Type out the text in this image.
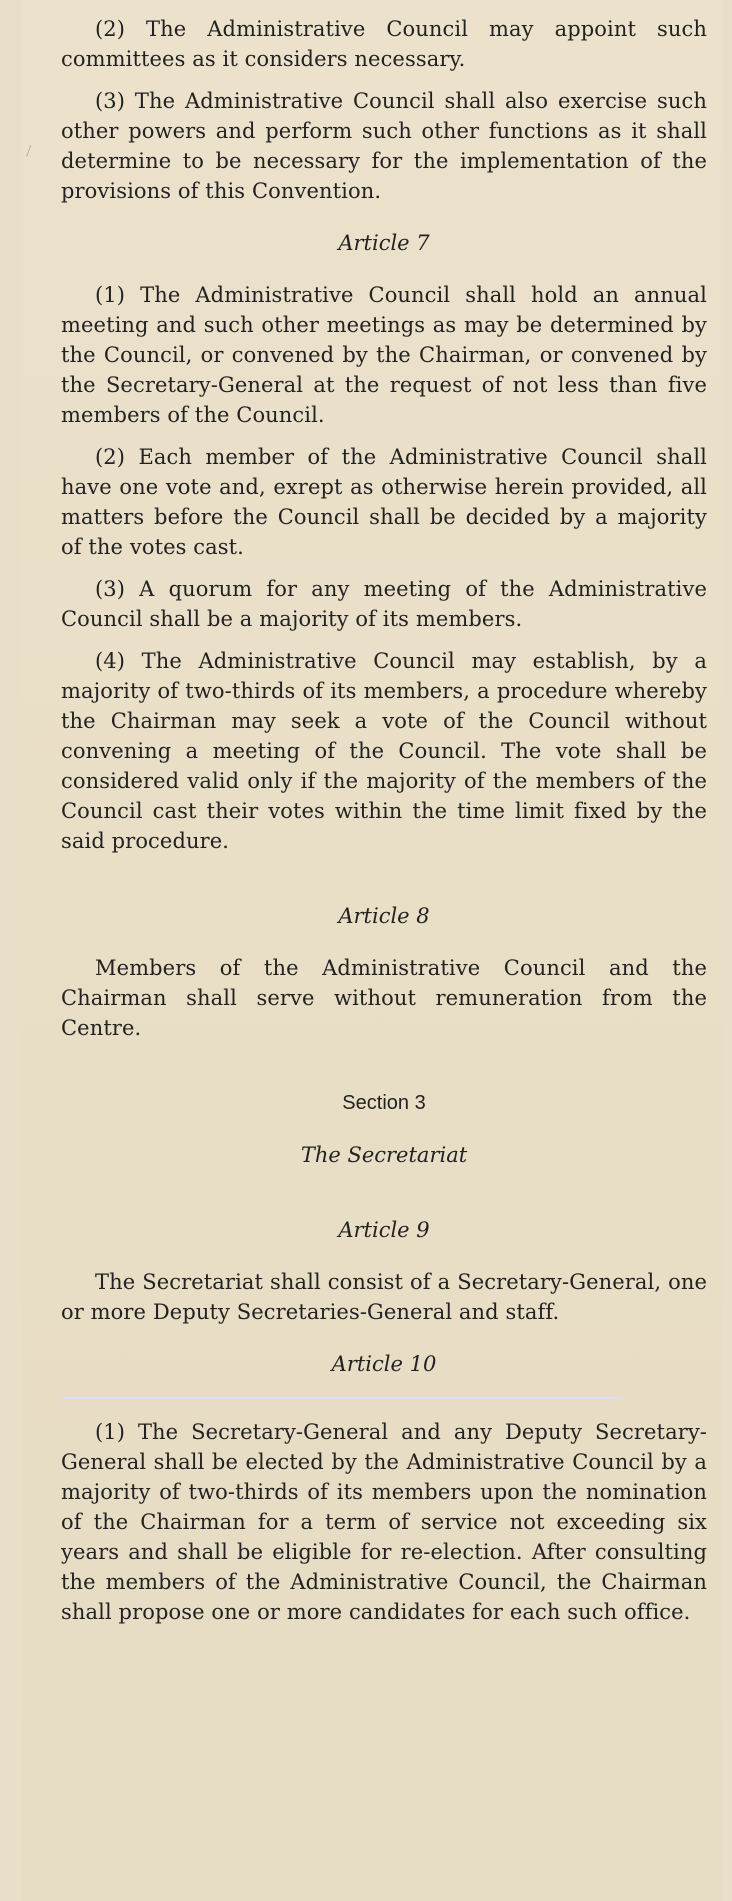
(2) The Administrative Council may appoint such committees as it considers necessary.

(3) The Administrative Council shall also exercise such other powers and perform such other functions as it shall determine to be necessary for the implementation of the provisions of this Convention.

Article 7

(1) The Administrative Council shall hold an annual meeting and such other meetings as may be determined by the Council, or convened by the Chairman, or convened by the Secretary-General at the request of not less than five members of the Council.

(2) Each member of the Administrative Council shall have one vote and, exrept as otherwise herein provided, all matters before the Council shall be decided by a majority of the votes cast.

(3) A quorum for any meeting of the Administrative Council shall be a majority of its members.

(4) The Administrative Council may establish, by a majority of two-thirds of its members, a procedure whereby the Chairman may seek a vote of the Council without convening a meeting of the Council. The vote shall be considered valid only if the majority of the members of the Council cast their votes within the time limit fixed by the said procedure.

Article 8

Members of the Administrative Council and the Chairman shall serve without remuneration from the Centre.

Section 3
The Secretariat
Article 9

The Secretariat shall consist of a Secretary-General, one or more Deputy Secretaries-General and staff.

Article 10

(1) The Secretary-General and any Deputy Secretary-General shall be elected by the Administrative Council by a majority of two-thirds of its members upon the nomination of the Chairman for a term of service not exceeding six years and shall be eligible for re-election. After consulting the members of the Administrative Council, the Chairman shall propose one or more candidates for each such office.
